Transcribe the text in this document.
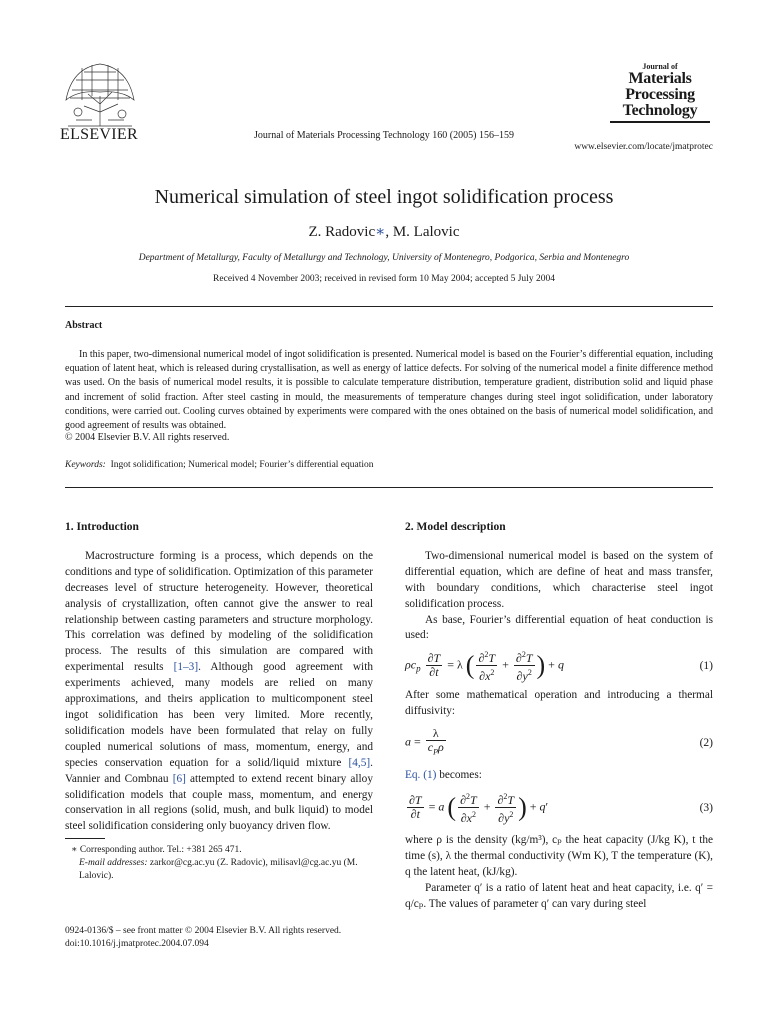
ELSEVIER	Journal of Materials Processing Technology 160 (2005) 156–159
Journal of
Materials
Processing
Technology
www.elsevier.com/locate/jmatprotec
Numerical simulation of steel ingot solidification process
Z. Radovic∗, M. Lalovic
Department of Metallurgy, Faculty of Metallurgy and Technology, University of Montenegro, Podgorica, Serbia and Montenegro
Received 4 November 2003; received in revised form 10 May 2004; accepted 5 July 2004
Abstract
In this paper, two-dimensional numerical model of ingot solidification is presented. Numerical model is based on the Fourier’s differential equation, including equation of latent heat, which is released during crystallisation, as well as energy of lattice defects. For solving of the numerical model a finite difference method was used. On the basis of numerical model results, it is possible to calculate temperature distribution, temperature gradient, distribution solid and liquid phase and increment of solid fraction. After steel casting in mould, the measurements of temperature changes during steel ingot solidification, under laboratory conditions, were carried out. Cooling curves obtained by experiments were compared with the ones obtained on the basis of numerical model solidification, and good agreement of results was obtained.
© 2004 Elsevier B.V. All rights reserved.
Keywords: Ingot solidification; Numerical model; Fourier’s differential equation
1. Introduction

Macrostructure forming is a process, which depends on the conditions and type of solidification. Optimization of this parameter decreases level of structure heterogeneity. However, theoretical analysis of crystallization, often cannot give the answer to real relationship between casting parameters and structure morphology. This correlation was defined by modeling of the solidification process. The results of this simulation are compared with experimental results [1–3]. Although good agreement with experiments achieved, many models are relied on many approximations, and theirs application to multicomponent steel ingot solidification has been very limited. More recently, solidification models have been formulated that relay on fully coupled numerical solutions of mass, momentum, energy, and species conservation equation for a solid/liquid mixture [4,5]. Vannier and Combnau [6] attempted to extend recent binary alloy solidification models that couple mass, momentum, and energy conservation in all regions (solid, mush, and bulk liquid) to model steel solidification considering only buoyancy driven flow.

∗ Corresponding author. Tel.: +381 265 471.
E-mail addresses: zarkor@cg.ac.yu (Z. Radovic), milisavl@cg.ac.yu (M. Lalovic).
0924-0136/$ – see front matter © 2004 Elsevier B.V. All rights reserved.
doi:10.1016/j.jmatprotec.2004.07.094
2. Model description

Two-dimensional numerical model is based on the system of differential equation, which are define of heat and mass transfer, with boundary conditions, which characterise steel ingot solidification process.

As base, Fourier’s differential equation of heat conduction is used:

$\rho c_p \frac{\partial T}{\partial t} = \lambda$ ( $\frac{\partial^2T}{\partial x^2} + \frac{\partial^2T}{\partial y^2}$ ) + q	(1)

After some mathematical operation and introducing a thermal diffusivity:

$a = \frac{\lambda}{c_P\rho}$	(2)

Eq. (1) becomes:

$\frac{\partial T}{\partial t} = a$ ( $\frac{\partial^2T}{\partial x^2} + \frac{\partial^2T}{\partial y^2}$ ) + q′	(3)

where ρ is the density (kg/m³), cₚ the heat capacity (J/kg K), t the time (s), λ the thermal conductivity (Wm K), T the temperature (K), q the latent heat, (kJ/kg).

Parameter q′ is a ratio of latent heat and heat capacity, i.e. q′ = q/cₚ. The values of parameter q′ can vary during steel
